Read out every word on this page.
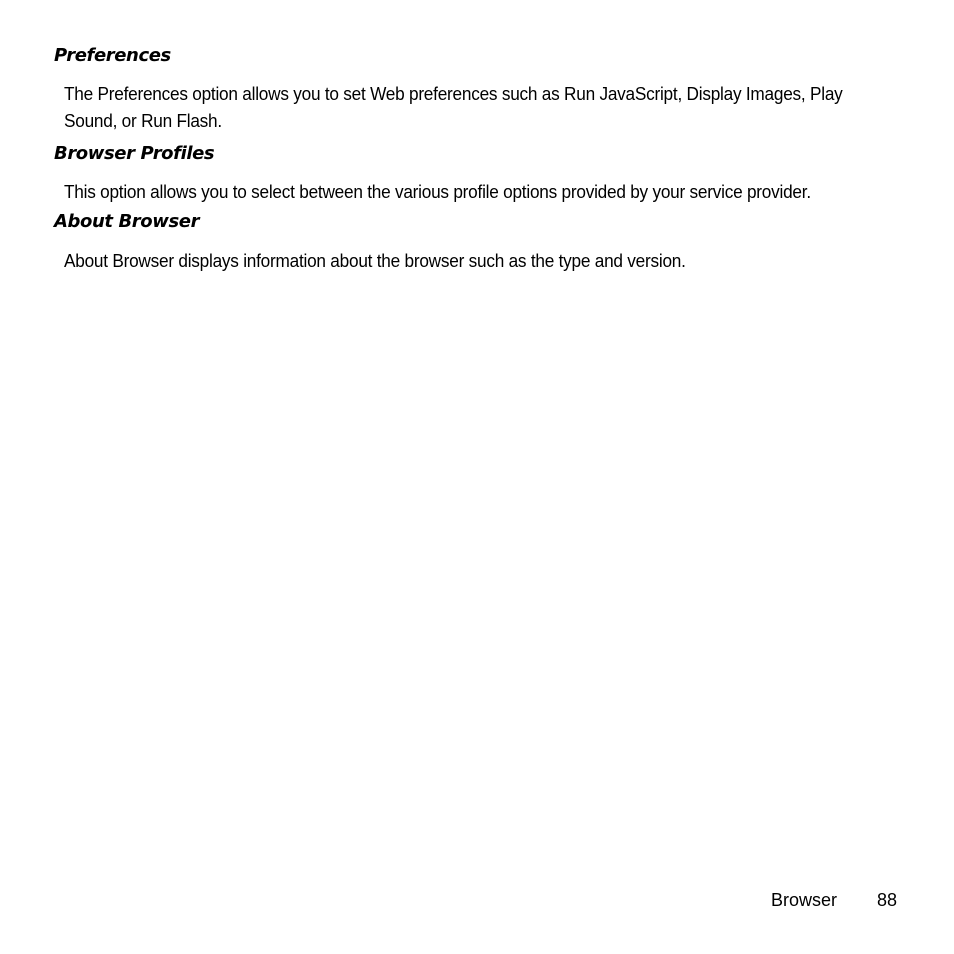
Preferences
The Preferences option allows you to set Web preferences such as Run JavaScript, Display Images, Play
Sound, or Run Flash.
Browser Profiles
This option allows you to select between the various profile options provided by your service provider.
About Browser
About Browser displays information about the browser such as the type and version.
Browser 88
